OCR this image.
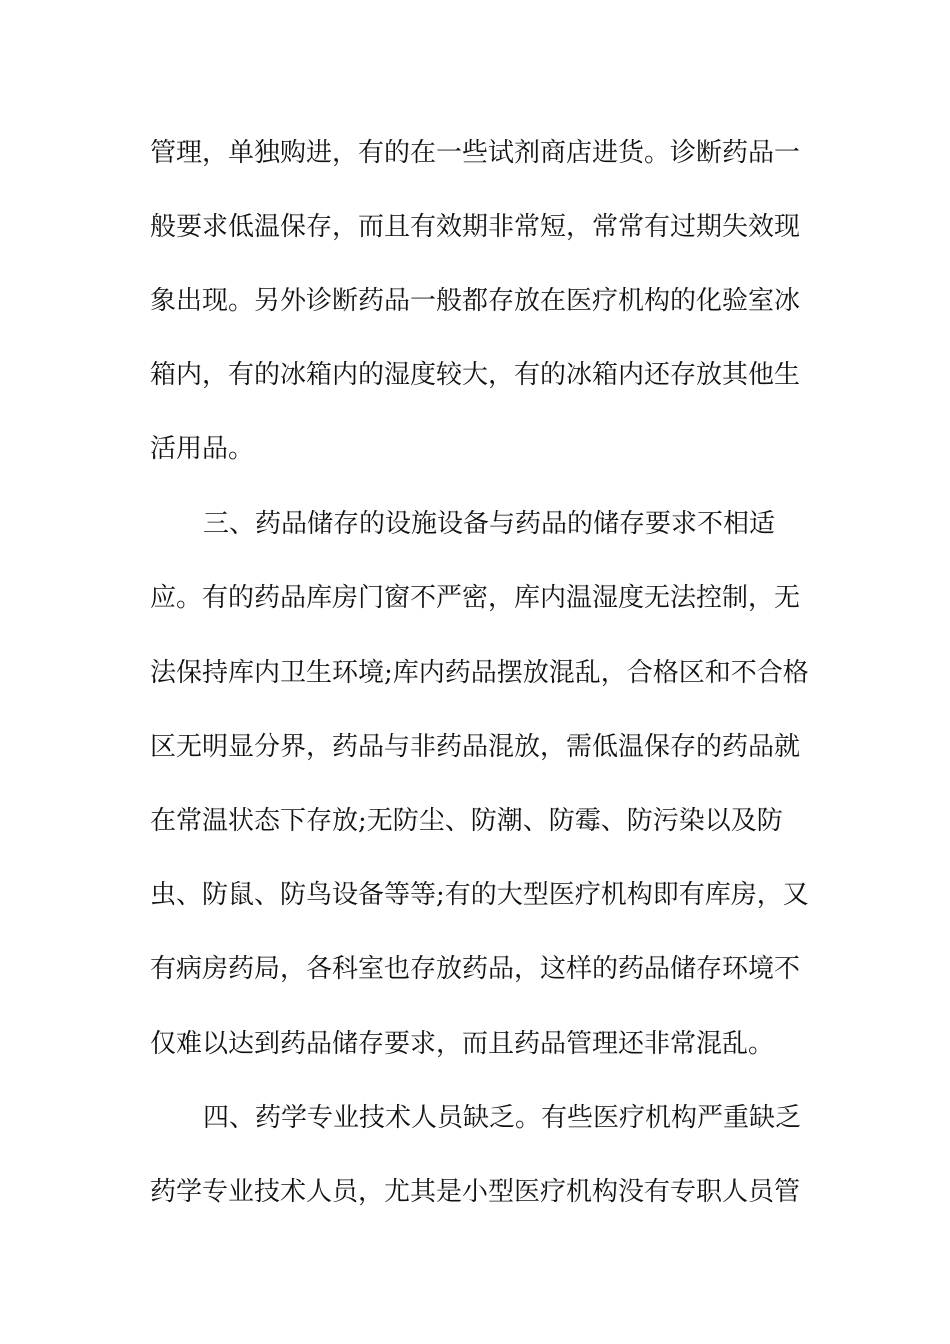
管理，单独购进，有的在一些试剂商店进货。诊断药品一
般要求低温保存，而且有效期非常短，常常有过期失效现
象出现。另外诊断药品一般都存放在医疗机构的化验室冰
箱内，有的冰箱内的湿度较大，有的冰箱内还存放其他生
活用品。
三、药品储存的设施设备与药品的储存要求不相适
应。有的药品库房门窗不严密，库内温湿度无法控制，无
法保持库内卫生环境;库内药品摆放混乱，合格区和不合格
区无明显分界，药品与非药品混放，需低温保存的药品就
在常温状态下存放;无防尘、防潮、防霉、防污染以及防
虫、防鼠、防鸟设备等等;有的大型医疗机构即有库房，又
有病房药局，各科室也存放药品，这样的药品储存环境不
仅难以达到药品储存要求，而且药品管理还非常混乱。
四、药学专业技术人员缺乏。有些医疗机构严重缺乏
药学专业技术人员，尤其是小型医疗机构没有专职人员管
